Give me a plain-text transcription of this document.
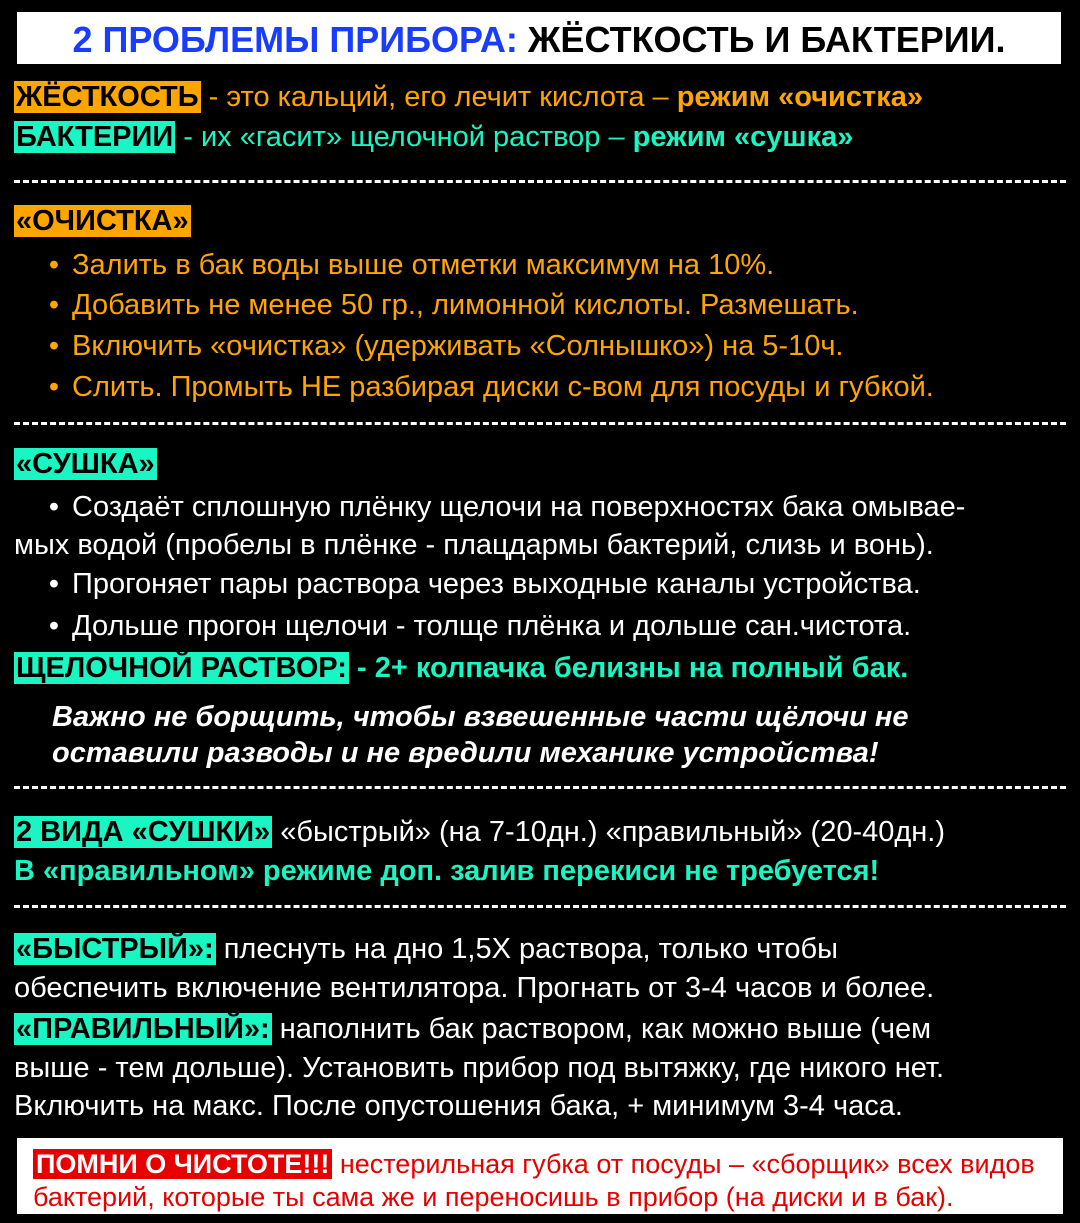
2 ПРОБЛЕМЫ ПРИБОРА: ЖЁСТКОСТЬ И БАКТЕРИИ.
ЖЁСТКОСТЬ - это кальций, его лечит кислота – режим «очистка»
БАКТЕРИИ - их «гасит» щелочной раствор – режим «сушка»
«ОЧИСТКА»
• Залить в бак воды выше отметки максимум на 10%.
• Добавить не менее 50 гр., лимонной кислоты. Размешать.
• Включить «очистка» (удерживать «Солнышко») на 5-10ч.
• Слить. Промыть НЕ разбирая диски с-вом для посуды и губкой.
«СУШКА»
• Создаёт сплошную плёнку щелочи на поверхностях бака омывае-
мых водой (пробелы в плёнке - плацдармы бактерий, слизь и вонь).
• Прогоняет пары раствора через выходные каналы устройства.
• Дольше прогон щелочи - толще плёнка и дольше сан.чистота.
ЩЕЛОЧНОЙ РАСТВОР: - 2+ колпачка белизны на полный бак.
Важно не борщить, чтобы взвешенные части щёлочи не
оставили разводы и не вредили механике устройства!
2 ВИДА «СУШКИ» «быстрый» (на 7-10дн.) «правильный» (20-40дн.)
В «правильном» режиме доп. залив перекиси не требуется!
«БЫСТРЫЙ»: плеснуть на дно 1,5Х раствора, только чтобы
обеспечить включение вентилятора. Прогнать от 3-4 часов и более.
«ПРАВИЛЬНЫЙ»: наполнить бак раствором, как можно выше (чем
выше - тем дольше). Установить прибор под вытяжку, где никого нет.
Включить на макс. После опустошения бака, + минимум 3-4 часа.
ПОМНИ О ЧИСТОТЕ!!! нестерильная губка от посуды – «сборщик» всех видов
бактерий, которые ты сама же и переносишь в прибор (на диски и в бак).
